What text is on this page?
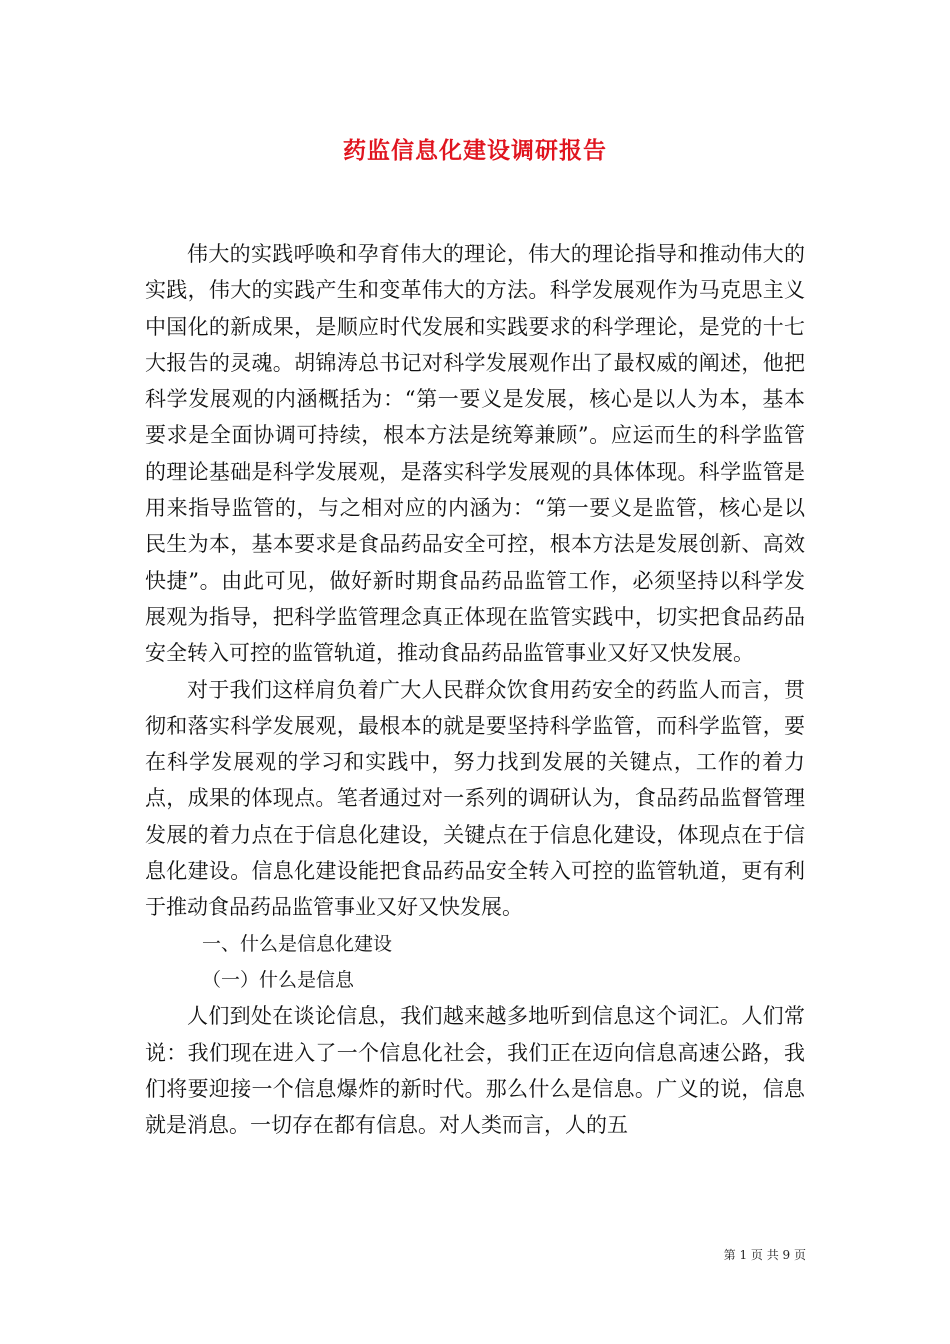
药监信息化建设调研报告

伟大的实践呼唤和孕育伟大的理论，伟大的理论指导和推动伟大的实践，伟大的实践产生和变革伟大的方法。科学发展观作为马克思主义中国化的新成果，是顺应时代发展和实践要求的科学理论，是党的十七大报告的灵魂。胡锦涛总书记对科学发展观作出了最权威的阐述，他把科学发展观的内涵概括为：“第一要义是发展，核心是以人为本，基本要求是全面协调可持续，根本方法是统筹兼顾”。应运而生的科学监管的理论基础是科学发展观，是落实科学发展观的具体体现。科学监管是用来指导监管的，与之相对应的内涵为：“第一要义是监管，核心是以民生为本，基本要求是食品药品安全可控，根本方法是发展创新、高效快捷”。由此可见，做好新时期食品药品监管工作，必须坚持以科学发展观为指导，把科学监管理念真正体现在监管实践中，切实把食品药品安全转入可控的监管轨道，推动食品药品监管事业又好又快发展。

对于我们这样肩负着广大人民群众饮食用药安全的药监人而言，贯彻和落实科学发展观，最根本的就是要坚持科学监管，而科学监管，要在科学发展观的学习和实践中，努力找到发展的关键点，工作的着力点，成果的体现点。笔者通过对一系列的调研认为，食品药品监督管理发展的着力点在于信息化建设，关键点在于信息化建设，体现点在于信息化建设。信息化建设能把食品药品安全转入可控的监管轨道，更有利于推动食品药品监管事业又好又快发展。

一、什么是信息化建设

（一）什么是信息

人们到处在谈论信息，我们越来越多地听到信息这个词汇。人们常说：我们现在进入了一个信息化社会，我们正在迈向信息高速公路，我们将要迎接一个信息爆炸的新时代。那么什么是信息。广义的说，信息就是消息。一切存在都有信息。对人类而言，人的五

第 1 页 共 9 页
